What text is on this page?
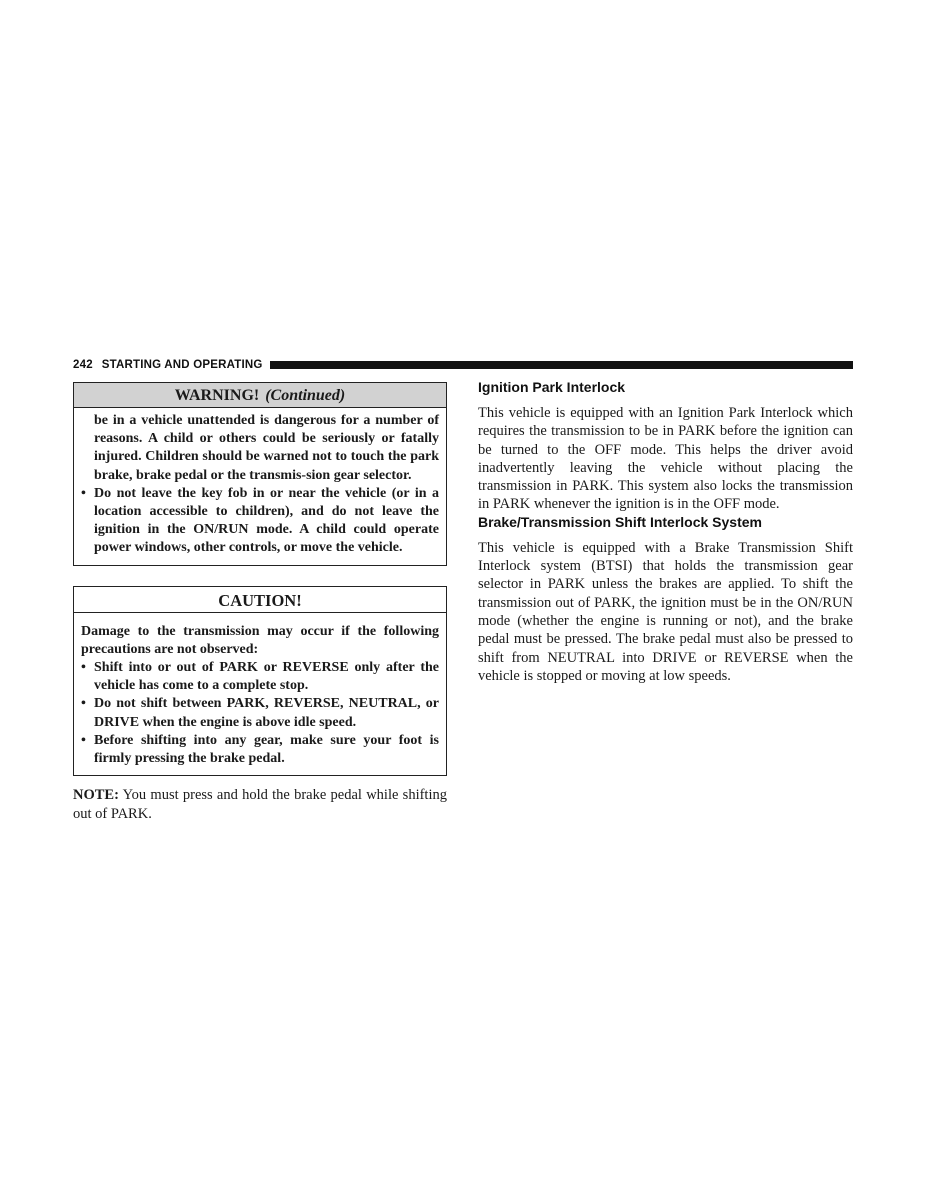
242 STARTING AND OPERATING
WARNING! (Continued)

be in a vehicle unattended is dangerous for a number of reasons. A child or others could be seriously or fatally injured. Children should be warned not to touch the park brake, brake pedal or the transmis-sion gear selector.

• Do not leave the key fob in or near the vehicle (or in a location accessible to children), and do not leave the ignition in the ON/RUN mode. A child could operate power windows, other controls, or move the vehicle.
CAUTION!

Damage to the transmission may occur if the following precautions are not observed:

• Shift into or out of PARK or REVERSE only after the vehicle has come to a complete stop.
• Do not shift between PARK, REVERSE, NEUTRAL, or DRIVE when the engine is above idle speed.
• Before shifting into any gear, make sure your foot is firmly pressing the brake pedal.

NOTE: You must press and hold the brake pedal while shifting out of PARK.

Ignition Park Interlock

This vehicle is equipped with an Ignition Park Interlock which requires the transmission to be in PARK before the ignition can be turned to the OFF mode. This helps the driver avoid inadvertently leaving the vehicle without placing the transmission in PARK. This system also locks the transmission in PARK whenever the ignition is in the OFF mode.

Brake/Transmission Shift Interlock System

This vehicle is equipped with a Brake Transmission Shift Interlock system (BTSI) that holds the transmission gear selector in PARK unless the brakes are applied. To shift the transmission out of PARK, the ignition must be in the ON/RUN mode (whether the engine is running or not), and the brake pedal must be pressed. The brake pedal must also be pressed to shift from NEUTRAL into DRIVE or REVERSE when the vehicle is stopped or moving at low speeds.
